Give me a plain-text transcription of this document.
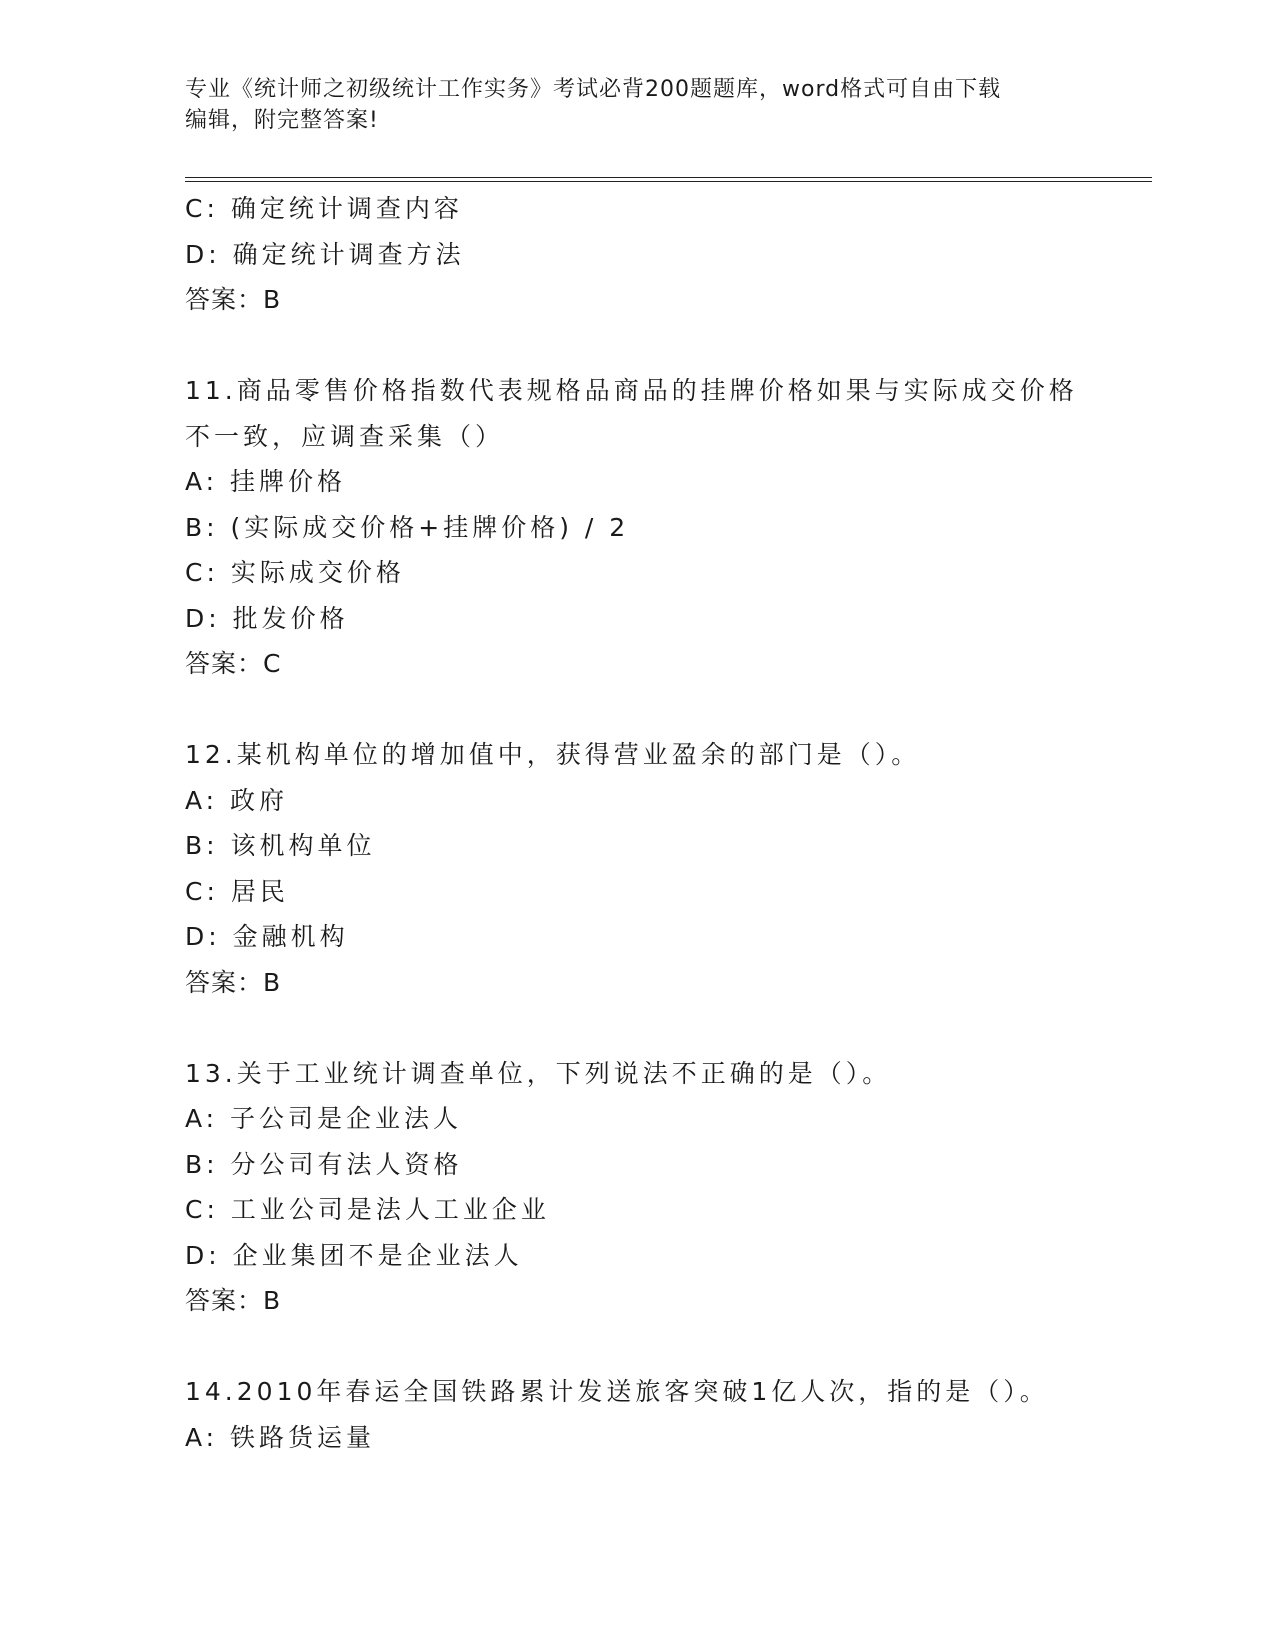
专业《统计师之初级统计工作实务》考试必背200题题库，word格式可自由下载
编辑，附完整答案!
C: 确定统计调查内容
D: 确定统计调查方法
答案：B
11.商品零售价格指数代表规格品商品的挂牌价格如果与实际成交价格
不一致，应调查采集（）
A: 挂牌价格
B: (实际成交价格+挂牌价格) / 2
C: 实际成交价格
D: 批发价格
答案：C
12.某机构单位的增加值中，获得营业盈余的部门是（）。
A: 政府
B: 该机构单位
C: 居民
D: 金融机构
答案：B
13.关于工业统计调查单位，下列说法不正确的是（）。
A: 子公司是企业法人
B: 分公司有法人资格
C: 工业公司是法人工业企业
D: 企业集团不是企业法人
答案：B
14.2010年春运全国铁路累计发送旅客突破1亿人次，指的是（）。
A: 铁路货运量
